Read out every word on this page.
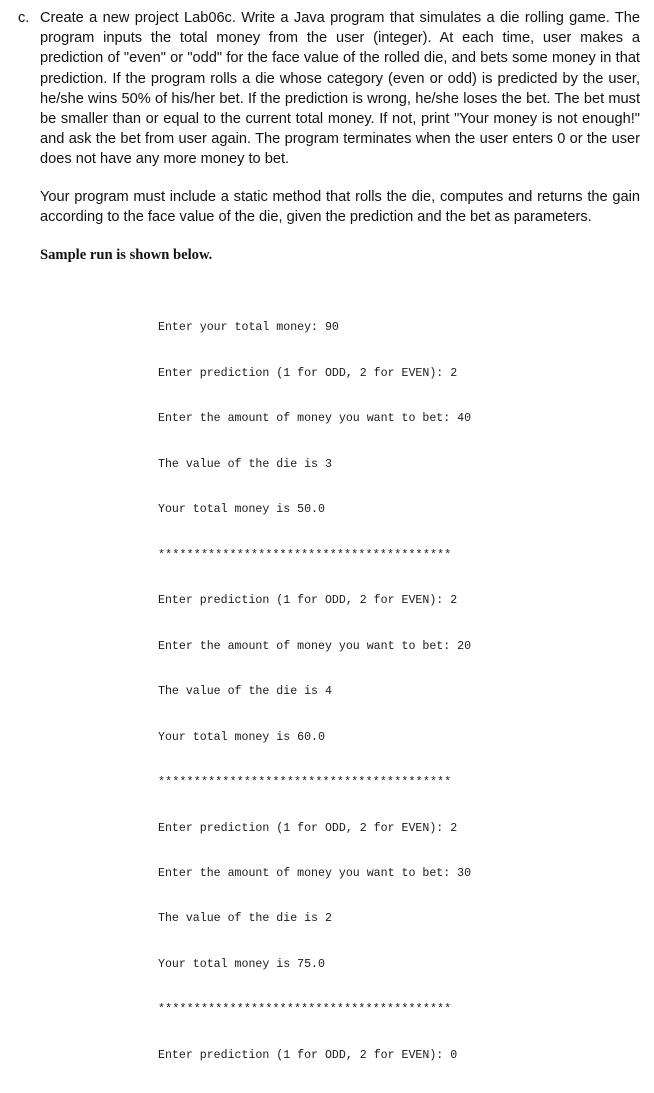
c. Create a new project Lab06c. Write a Java program that simulates a die rolling game. The program inputs the total money from the user (integer). At each time, user makes a prediction of "even" or "odd" for the face value of the rolled die, and bets some money in that prediction. If the program rolls a die whose category (even or odd) is predicted by the user, he/she wins 50% of his/her bet. If the prediction is wrong, he/she loses the bet. The bet must be smaller than or equal to the current total money. If not, print "Your money is not enough!" and ask the bet from user again. The program terminates when the user enters 0 or the user does not have any more money to bet.

Your program must include a static method that rolls the die, computes and returns the gain according to the face value of the die, given the prediction and the bet as parameters.

Sample run is shown below.

Enter your total money: 90

Enter prediction (1 for ODD, 2 for EVEN): 2

Enter the amount of money you want to bet: 40

The value of the die is 3

Your total money is 50.0

*****************************************

Enter prediction (1 for ODD, 2 for EVEN): 2

Enter the amount of money you want to bet: 20

The value of the die is 4

Your total money is 60.0

*****************************************

Enter prediction (1 for ODD, 2 for EVEN): 2

Enter the amount of money you want to bet: 30

The value of the die is 2

Your total money is 75.0

*****************************************

Enter prediction (1 for ODD, 2 for EVEN): 0
